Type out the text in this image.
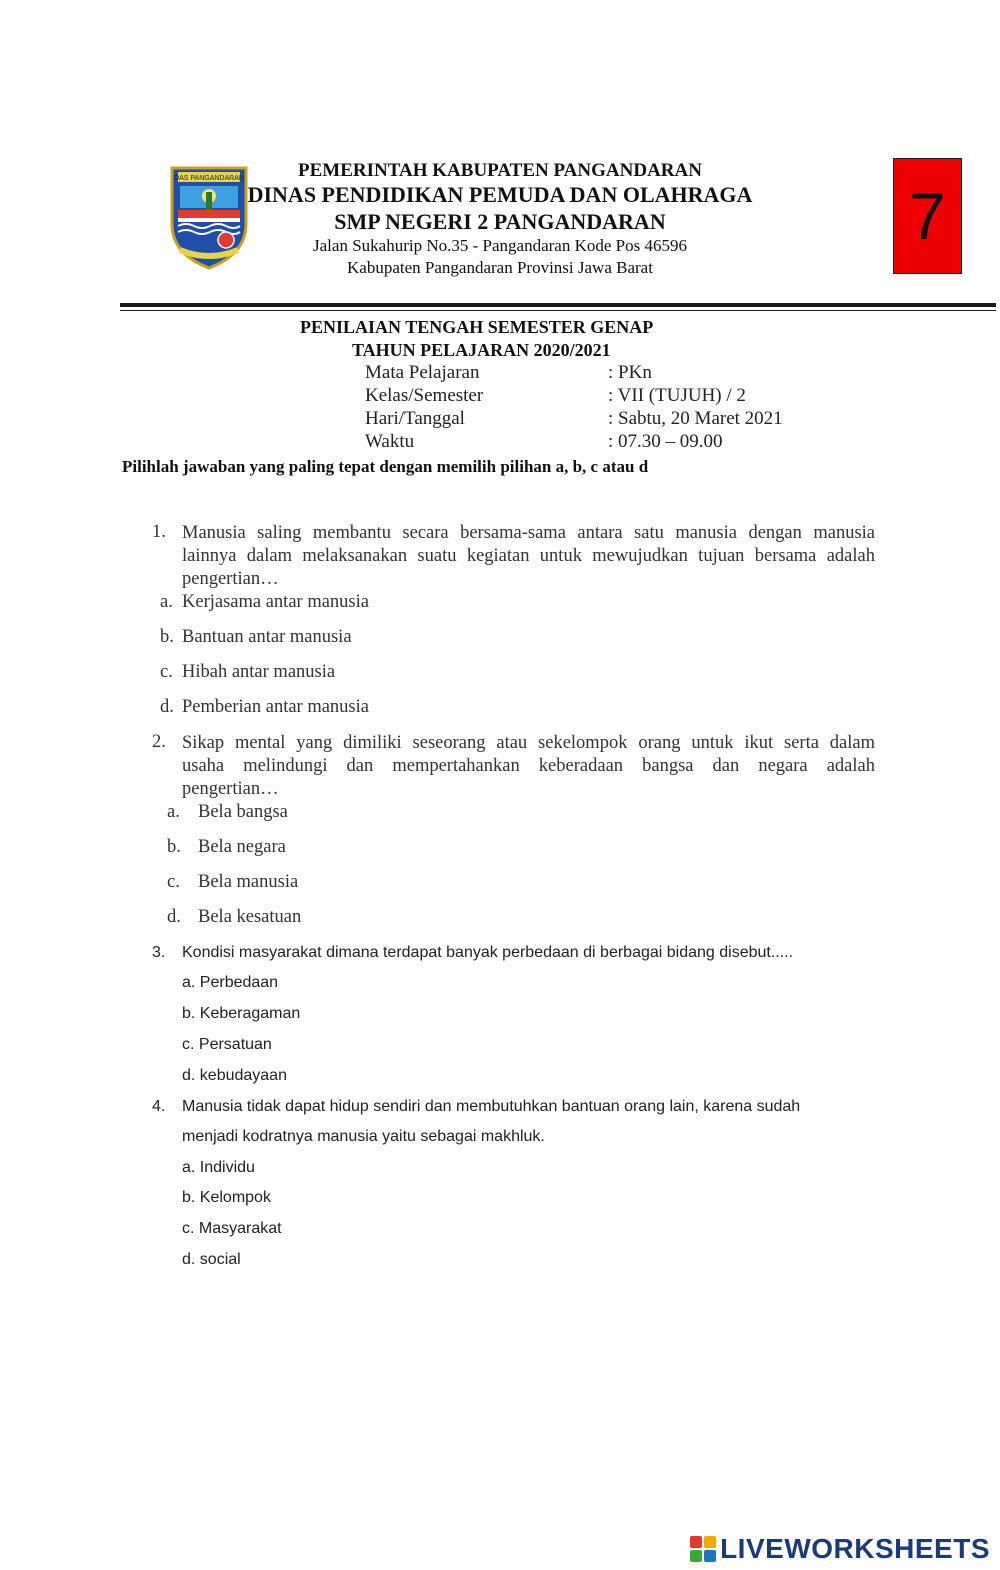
DAS PANGANDARAN	PEMERINTAH KABUPATEN PANGANDARAN
DINAS PENDIDIKAN PEMUDA DAN OLAHRAGA
SMP NEGERI 2 PANGANDARAN
Jalan Sukahurip No.35 - Pangandaran Kode Pos 46596
Kabupaten Pangandaran Provinsi Jawa Barat
7
PENILAIAN TENGAH SEMESTER GENAP
TAHUN PELAJARAN 2020/2021
Mata Pelajaran	: PKn
Kelas/Semester	: VII (TUJUH) / 2
Hari/Tanggal	: Sabtu, 20 Maret 2021
Waktu	: 07.30 – 09.00
Pilihlah jawaban yang paling tepat dengan memilih pilihan a, b, c atau d
1. Manusia saling membantu secara bersama-sama antara satu manusia dengan manusia
lainnya dalam melaksanakan suatu kegiatan untuk mewujudkan tujuan bersama adalah
pengertian…
a. Kerjasama antar manusia
b. Bantuan antar manusia
c. Hibah antar manusia
d. Pemberian antar manusia
2. Sikap mental yang dimiliki seseorang atau sekelompok orang untuk ikut serta dalam
usaha melindungi dan mempertahankan keberadaan bangsa dan negara adalah
pengertian…
a. Bela bangsa
b. Bela negara
c. Bela manusia
d. Bela kesatuan
3. Kondisi masyarakat dimana terdapat banyak perbedaan di berbagai bidang disebut.....
a. Perbedaan
b. Keberagaman
c. Persatuan
d. kebudayaan
4. Manusia tidak dapat hidup sendiri dan membutuhkan bantuan orang lain, karena sudah
menjadi kodratnya manusia yaitu sebagai makhluk.
a. Individu
b. Kelompok
c. Masyarakat
d. social
LIVEWORKSHEETS
